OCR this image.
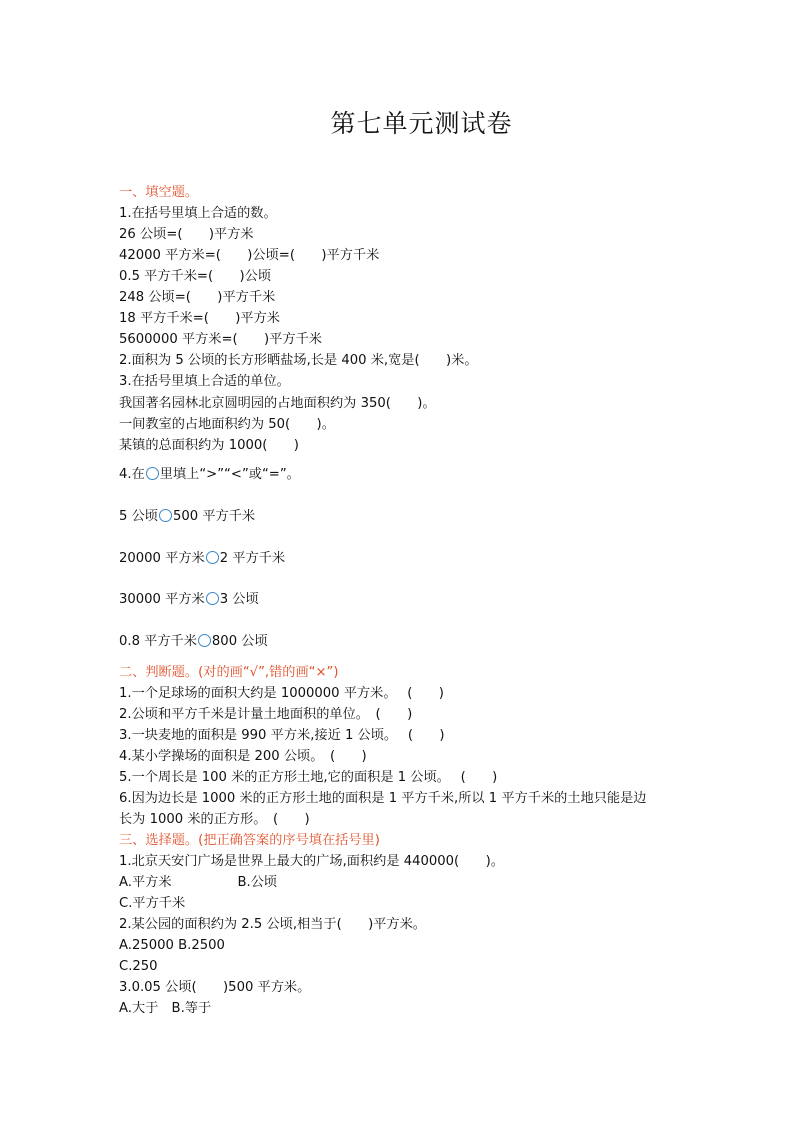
第七单元测试卷
一、填空题。
1.在括号里填上合适的数。
26 公顷=(　　)平方米
42000 平方米=(　　)公顷=(　　)平方千米
0.5 平方千米=(　　)公顷
248 公顷=(　　)平方千米
18 平方千米=(　　)平方米
5600000 平方米=(　　)平方千米
2.面积为 5 公顷的长方形晒盐场,长是 400 米,宽是(　　)米。
3.在括号里填上合适的单位。
我国著名园林北京圆明园的占地面积约为 350(　　)。
一间教室的占地面积约为 50(　　)。
某镇的总面积约为 1000(　　)
4.在 里填上“>”“<”或“=”。
5 公顷 500 平方千米
20000 平方米 2 平方千米
30000 平方米 3 公顷
0.8 平方千米 800 公顷
二、判断题。(对的画“√”,错的画“×”)
1.一个足球场的面积大约是 1000000 平方米。　 (　　)
2.公顷和平方千米是计量土地面积的单位。　(　　)
3.一块麦地的面积是 990 平方米,接近 1 公顷。　 (　　)
4.某小学操场的面积是 200 公顷。　(　　)
5.一个周长是 100 米的正方形土地,它的面积是 1 公顷。　 (　　)
6.因为边长是 1000 米的正方形土地的面积是 1 平方千米,所以 1 平方千米的土地只能是边
长为 1000 米的正方形。　(　　)
三、选择题。(把正确答案的序号填在括号里)
1.北京天安门广场是世界上最大的广场,面积约是 440000(　　)。
A.平方米　　　　　B.公顷
C.平方千米
2.某公园的面积约为 2.5 公顷,相当于(　　)平方米。
A.25000 B.2500
C.250
3.0.05 公顷(　　)500 平方米。
A.大于　B.等于
